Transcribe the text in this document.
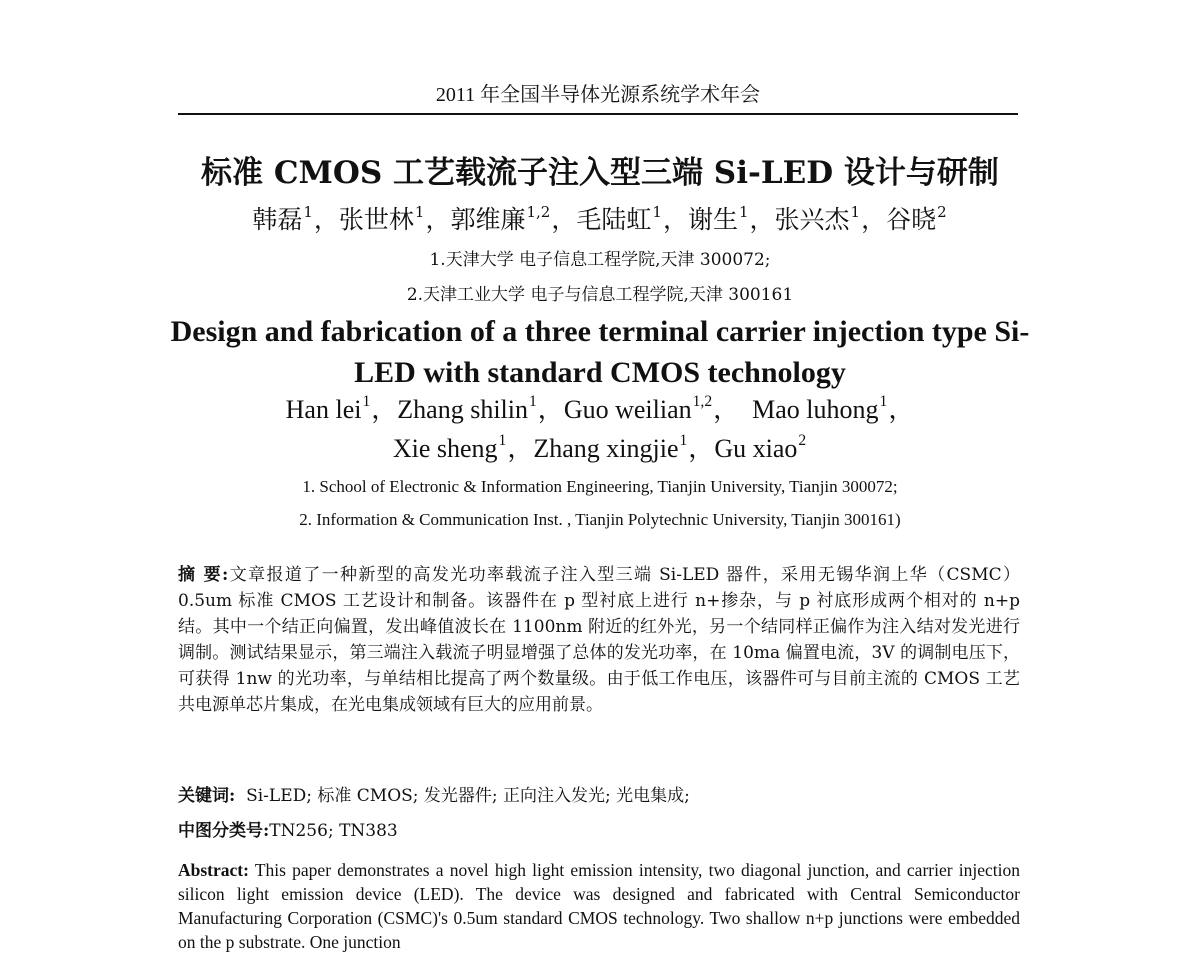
2011 年全国半导体光源系统学术年会
标准 CMOS 工艺载流子注入型三端 Si-LED 设计与研制
韩磊$^1$，张世林$^1$，郭维廉$^{1,2}$，毛陆虹$^1$，谢生$^1$，张兴杰$^1$，谷晓$^2$
1.天津大学 电子信息工程学院,天津 300072;
2.天津工业大学 电子与信息工程学院,天津 300161
Design and fabrication of a three terminal carrier injection type Si-LED with standard CMOS technology
Han lei$^1$，Zhang shilin$^1$，Guo weilian$^{1,2}$，  Mao luhong$^1$，
Xie sheng$^1$，Zhang xingjie$^1$，Gu xiao$^2$
1. School of Electronic & Information Engineering, Tianjin University, Tianjin 300072;
2. Information & Communication Inst. , Tianjin Polytechnic University, Tianjin 300161)
摘 要:文章报道了一种新型的高发光功率载流子注入型三端 Si-LED 器件，采用无锡华润上华（CSMC） 0.5um 标准 CMOS 工艺设计和制备。该器件在 p 型衬底上进行 n+掺杂，与 p 衬底形成两个相对的 n+p 结。其中一个结正向偏置，发出峰值波长在 1100nm 附近的红外光，另一个结同样正偏作为注入结对发光进行调制。测试结果显示，第三端注入载流子明显增强了总体的发光功率，在 10ma 偏置电流，3V 的调制电压下，可获得 1nw 的光功率，与单结相比提高了两个数量级。由于低工作电压，该器件可与目前主流的 CMOS 工艺共电源单芯片集成，在光电集成领域有巨大的应用前景。
关键词: Si-LED; 标准 CMOS; 发光器件; 正向注入发光; 光电集成;
中图分类号:TN256; TN383
Abstract: This paper demonstrates a novel high light emission intensity, two diagonal junction, and carrier injection silicon light emission device (LED). The device was designed and fabricated with Central Semiconductor Manufacturing Corporation (CSMC)'s 0.5um standard CMOS technology. Two shallow n+p junctions were embedded on the p substrate. One junction
